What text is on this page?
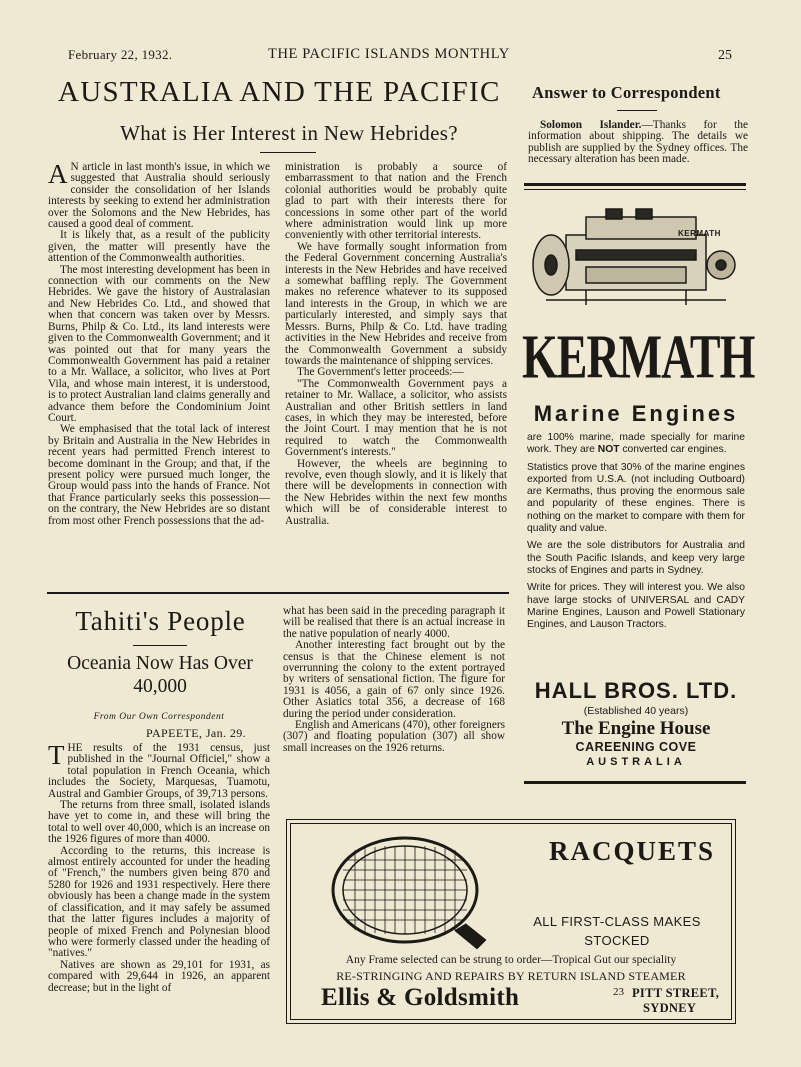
February 22, 1932.	THE PACIFIC ISLANDS MONTHLY	25
AUSTRALIA AND THE PACIFIC
What is Her Interest in New Hebrides?

A N article in last month's issue, in which we suggested that Australia should seriously consider the consolidation of her Islands interests by seeking to extend her administration over the Solomons and the New Hebrides, has caused a good deal of comment.

It is likely that, as a result of the publicity given, the matter will presently have the attention of the Commonwealth authorities.

The most interesting development has been in connection with our comments on the New Hebrides. We gave the history of Australasian and New Hebrides Co. Ltd., and showed that when that concern was taken over by Messrs. Burns, Philp & Co. Ltd., its land interests were given to the Commonwealth Government; and it was pointed out that for many years the Commonwealth Government has paid a retainer to a Mr. Wallace, a solicitor, who lives at Port Vila, and whose main interest, it is understood, is to protect Australian land claims generally and advance them before the Condominium Joint Court.

We emphasised that the total lack of interest by Britain and Australia in the New Hebrides in recent years had permitted French interest to become dominant in the Group; and that, if the present policy were pursued much longer, the Group would pass into the hands of France. Not that France particularly seeks this possession—on the contrary, the New Hebrides are so distant from most other French possessions that the ad-

ministration is probably a source of embarrassment to that nation and the French colonial authorities would be probably quite glad to part with their interests there for concessions in some other part of the world where administration would link up more conveniently with other territorial interests.

We have formally sought information from the Federal Government concerning Australia's interests in the New Hebrides and have received a somewhat baffling reply. The Government makes no reference whatever to its supposed land interests in the Group, in which we are particularly interested, and simply says that Messrs. Burns, Philp & Co. Ltd. have trading activities in the New Hebrides and receive from the Commonwealth Government a subsidy towards the maintenance of shipping services.

The Government's letter proceeds:—

"The Commonwealth Government pays a retainer to Mr. Wallace, a solicitor, who assists Australian and other British settlers in land cases, in which they may be interested, before the Joint Court. I may mention that he is not required to watch the Commonwealth Government's interests."

However, the wheels are beginning to revolve, even though slowly, and it is likely that there will be developments in connection with the New Hebrides within the next few months which will be of considerable interest to Australia.

Tahiti's People
Oceania Now Has Over 40,000
From Our Own Correspondent
PAPEETE, Jan. 29.

THE results of the 1931 census, just published in the "Journal Officiel," show a total population in French Oceania, which includes the Society, Marquesas, Tuamotu, Austral and Gambier Groups, of 39,713 persons.

The returns from three small, isolated islands have yet to come in, and these will bring the total to well over 40,000, which is an increase on the 1926 figures of more than 4000.

According to the returns, this increase is almost entirely accounted for under the heading of "French," the numbers given being 870 and 5280 for 1926 and 1931 respectively. Here there obviously has been a change made in the system of classification, and it may safely be assumed that the latter figures includes a majority of people of mixed French and Polynesian blood who were formerly classed under the heading of "natives."

Natives are shown as 29,101 for 1931, as compared with 29,644 in 1926, an apparent decrease; but in the light of

what has been said in the preceding paragraph it will be realised that there is an actual increase in the native population of nearly 4000.

Another interesting fact brought out by the census is that the Chinese element is not overrunning the colony to the extent portrayed by writers of sensational fiction. The figure for 1931 is 4056, a gain of 67 only since 1926. Other Asiatics total 356, a decrease of 168 during the period under consideration.

English and Americans (470), other foreigners (307) and floating population (307) all show small increases on the 1926 returns.

Answer to Correspondent

Solomon Islander.—Thanks for the information about shipping. The details we publish are supplied by the Sydney offices. The necessary alteration has been made.

KERMATH
KERMATH
Marine Engines

are 100% marine, made specially for marine work. They are NOT converted car engines.

Statistics prove that 30% of the marine engines exported from U.S.A. (not including Outboard) are Kermaths, thus proving the enormous sale and popularity of these engines. There is nothing on the market to compare with them for quality and value.

We are the sole distributors for Australia and the South Pacific Islands, and keep very large stocks of Engines and parts in Sydney.

Write for prices. They will interest you. We also have large stocks of UNIVERSAL and CADY Marine Engines, Lauson and Powell Stationary Engines, and Lauson Tractors.

HALL BROS. LTD.
(Established 40 years)
The Engine House
CAREENING COVE
AUSTRALIA
RACQUETS
ALL FIRST-CLASS MAKES
STOCKED
Any Frame selected can be strung to order—Tropical Gut our speciality
RE-STRINGING AND REPAIRS BY RETURN ISLAND STEAMER
Ellis & Goldsmith	23 PITT STREET,
SYDNEY
